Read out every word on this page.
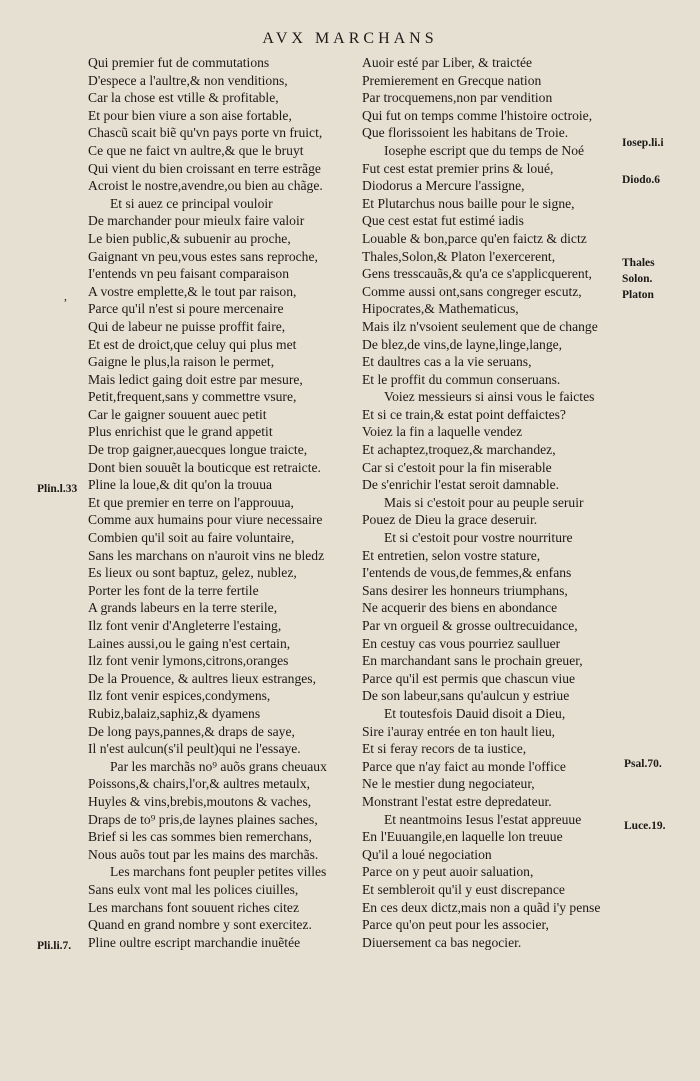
AVX MARCHANS
Qui premier fut de commutations
D'espece a l'aultre,& non venditions,
Car la chose est vtille & profitable,
Et pour bien viure a son aise fortable,
Chascũ scait biẽ qu'vn pays porte vn fruict,
Ce que ne faict vn aultre,& que le bruyt
Qui vient du bien croissant en terre estrãge
Acroist le nostre,avendre,ou bien au chãge.
Et si auez ce principal vouloir
De marchander pour mieulx faire valoir
Le bien public,& subuenir au proche,
Gaignant vn peu,vous estes sans reproche,
I'entends vn peu faisant comparaison
A vostre emplette,& le tout par raison,
Parce qu'il n'est si poure mercenaire
Qui de labeur ne puisse proffit faire,
Et est de droict,que celuy qui plus met
Gaigne le plus,la raison le permet,
Mais ledict gaing doit estre par mesure,
Petit,frequent,sans y commettre vsure,
Car le gaigner souuent auec petit
Plus enrichist que le grand appetit
De trop gaigner,auecques longue traicte,
Dont bien souuẽt la bouticque est retraicte.
Pline la loue,& dit qu'on la trouua
Et que premier en terre on l'approuua,
Comme aux humains pour viure necessaire
Combien qu'il soit au faire voluntaire,
Sans les marchans on n'auroit vins ne bledz
Es lieux ou sont baptuz, gelez, nublez,
Porter les font de la terre fertile
A grands labeurs en la terre sterile,
Ilz font venir d'Angleterre l'estaing,
Laines aussi,ou le gaing n'est certain,
Ilz font venir lymons,citrons,oranges
De la Prouence, & aultres lieux estranges,
Ilz font venir espices,condymens,
Rubiz,balaiz,saphiz,& dyamens
De long pays,pannes,& draps de saye,
Il n'est aulcun(s'il peult)qui ne l'essaye.
Par les marchãs no⁹ auõs grans cheuaux
Poissons,& chairs,l'or,& aultres metaulx,
Huyles & vins,brebis,moutons & vaches,
Draps de to⁹ pris,de laynes plaines saches,
Brief si les cas sommes bien remerchans,
Nous auõs tout par les mains des marchãs.
Les marchans font peupler petites villes
Sans eulx vont mal les polices ciuilles,
Les marchans font souuent riches citez
Quand en grand nombre y sont exercitez.
Pline oultre escript marchandie inuẽtée
Auoir esté par Liber, & traictée
Premierement en Grecque nation
Par trocquemens,non par vendition
Qui fut on temps comme l'histoire octroie,
Que florissoient les habitans de Troie.
Iosephe escript que du temps de Noé
Fut cest estat premier prins & loué,
Diodorus a Mercure l'assigne,
Et Plutarchus nous baille pour le signe,
Que cest estat fut estimé iadis
Louable & bon,parce qu'en faictz & dictz
Thales,Solon,& Platon l'exercerent,
Gens tresscauãs,& qu'a ce s'applicquerent,
Comme aussi ont,sans congreger escutz,
Hipocrates,& Mathematicus,
Mais ilz n'vsoient seulement que de change
De blez,de vins,de layne,linge,lange,
Et daultres cas a la vie seruans,
Et le proffit du commun conseruans.
Voiez messieurs si ainsi vous le faictes
Et si ce train,& estat point deffaictes?
Voiez la fin a laquelle vendez
Et achaptez,troquez,& marchandez,
Car si c'estoit pour la fin miserable
De s'enrichir l'estat seroit damnable.
Mais si c'estoit pour au peuple seruir
Pouez de Dieu la grace deseruir.
Et si c'estoit pour vostre nourriture
Et entretien, selon vostre stature,
I'entends de vous,de femmes,& enfans
Sans desirer les honneurs triumphans,
Ne acquerir des biens en abondance
Par vn orgueil & grosse oultrecuidance,
En cestuy cas vous pourriez saulluer
En marchandant sans le prochain greuer,
Parce qu'il est permis que chascun viue
De son labeur,sans qu'aulcun y estriue
Et toutesfois Dauid disoit a Dieu,
Sire i'auray entrée en ton hault lieu,
Et si feray recors de ta iustice,
Parce que n'ay faict au monde l'office
Ne le mestier dung negociateur,
Monstrant l'estat estre depredateur.
Et neantmoins Iesus l'estat appreuue
En l'Euuangile,en laquelle lon treuue
Qu'il a loué negociation
Parce on y peut auoir saluation,
Et sembleroit qu'il y eust discrepance
En ces deux dictz,mais non a quãd i'y pense
Parce qu'on peut pour les associer,
Diuersement ca bas negocier.
Plin.l.33
Pli.li.7.
Iosep.li.i
Diodo.6
Thales
Solon.
Platon
Psal.70.
Luce.19.
,
